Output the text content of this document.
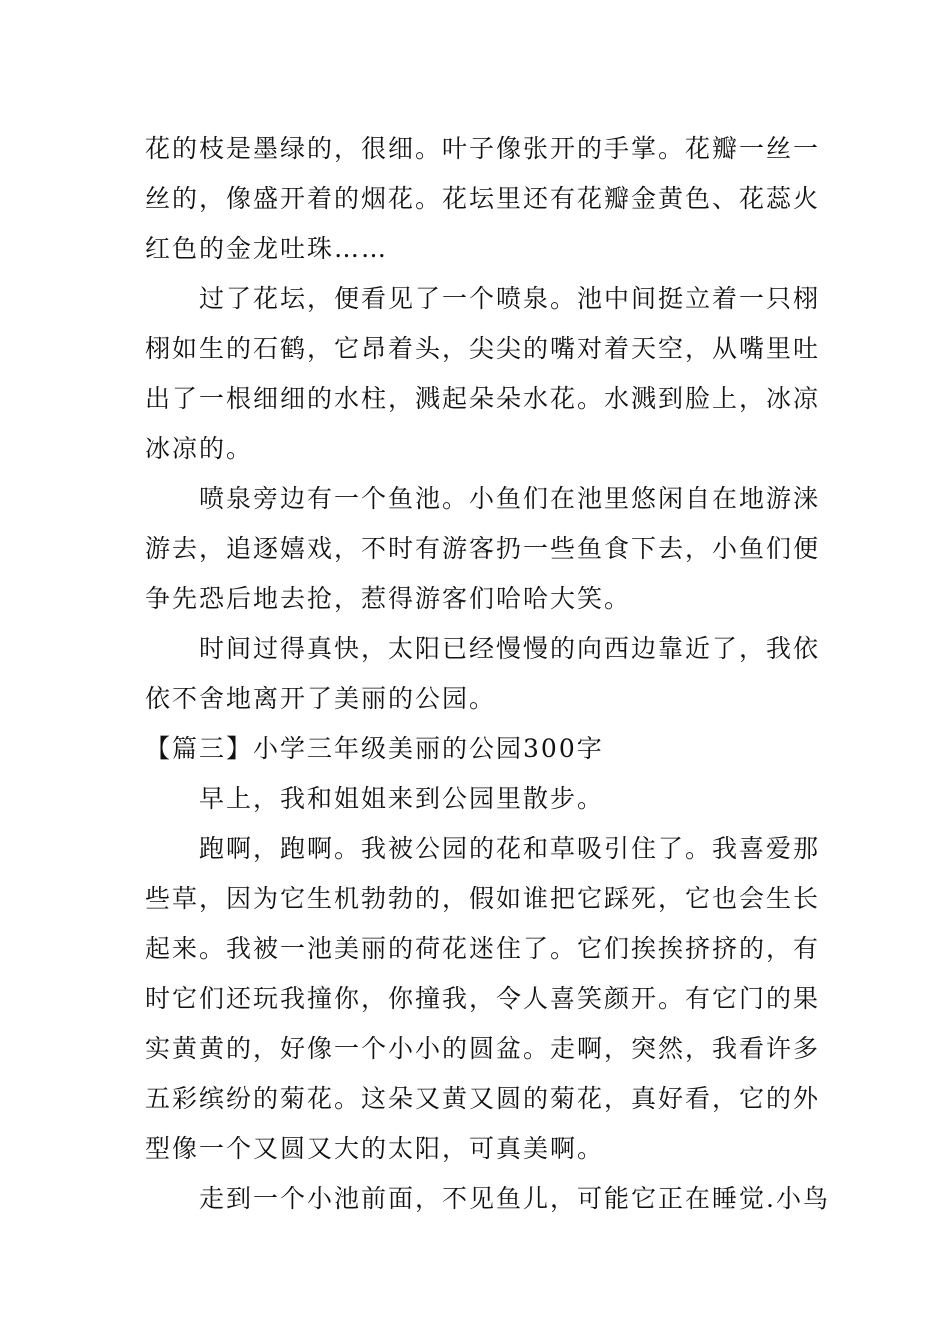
花的枝是墨绿的，很细。叶子像张开的手掌。花瓣一丝一
丝的，像盛开着的烟花。花坛里还有花瓣金黄色、花蕊火
红色的金龙吐珠……

过了花坛，便看见了一个喷泉。池中间挺立着一只栩
栩如生的石鹤，它昂着头，尖尖的嘴对着天空，从嘴里吐
出了一根细细的水柱，溅起朵朵水花。水溅到脸上，冰凉
冰凉的。

喷泉旁边有一个鱼池。小鱼们在池里悠闲自在地游涞
游去，追逐嬉戏，不时有游客扔一些鱼食下去，小鱼们便
争先恐后地去抢，惹得游客们哈哈大笑。

时间过得真快，太阳已经慢慢的向西边靠近了，我依
依不舍地离开了美丽的公园。

【篇三】小学三年级美丽的公园300字

早上，我和姐姐来到公园里散步。

跑啊，跑啊。我被公园的花和草吸引住了。我喜爱那
些草，因为它生机勃勃的，假如谁把它踩死，它也会生长
起来。我被一池美丽的荷花迷住了。它们挨挨挤挤的，有
时它们还玩我撞你，你撞我，令人喜笑颜开。有它门的果
实黄黄的，好像一个小小的圆盆。走啊，突然，我看许多
五彩缤纷的菊花。这朵又黄又圆的菊花，真好看，它的外
型像一个又圆又大的太阳，可真美啊。

走到一个小池前面，不见鱼儿，可能它正在睡觉.小鸟
